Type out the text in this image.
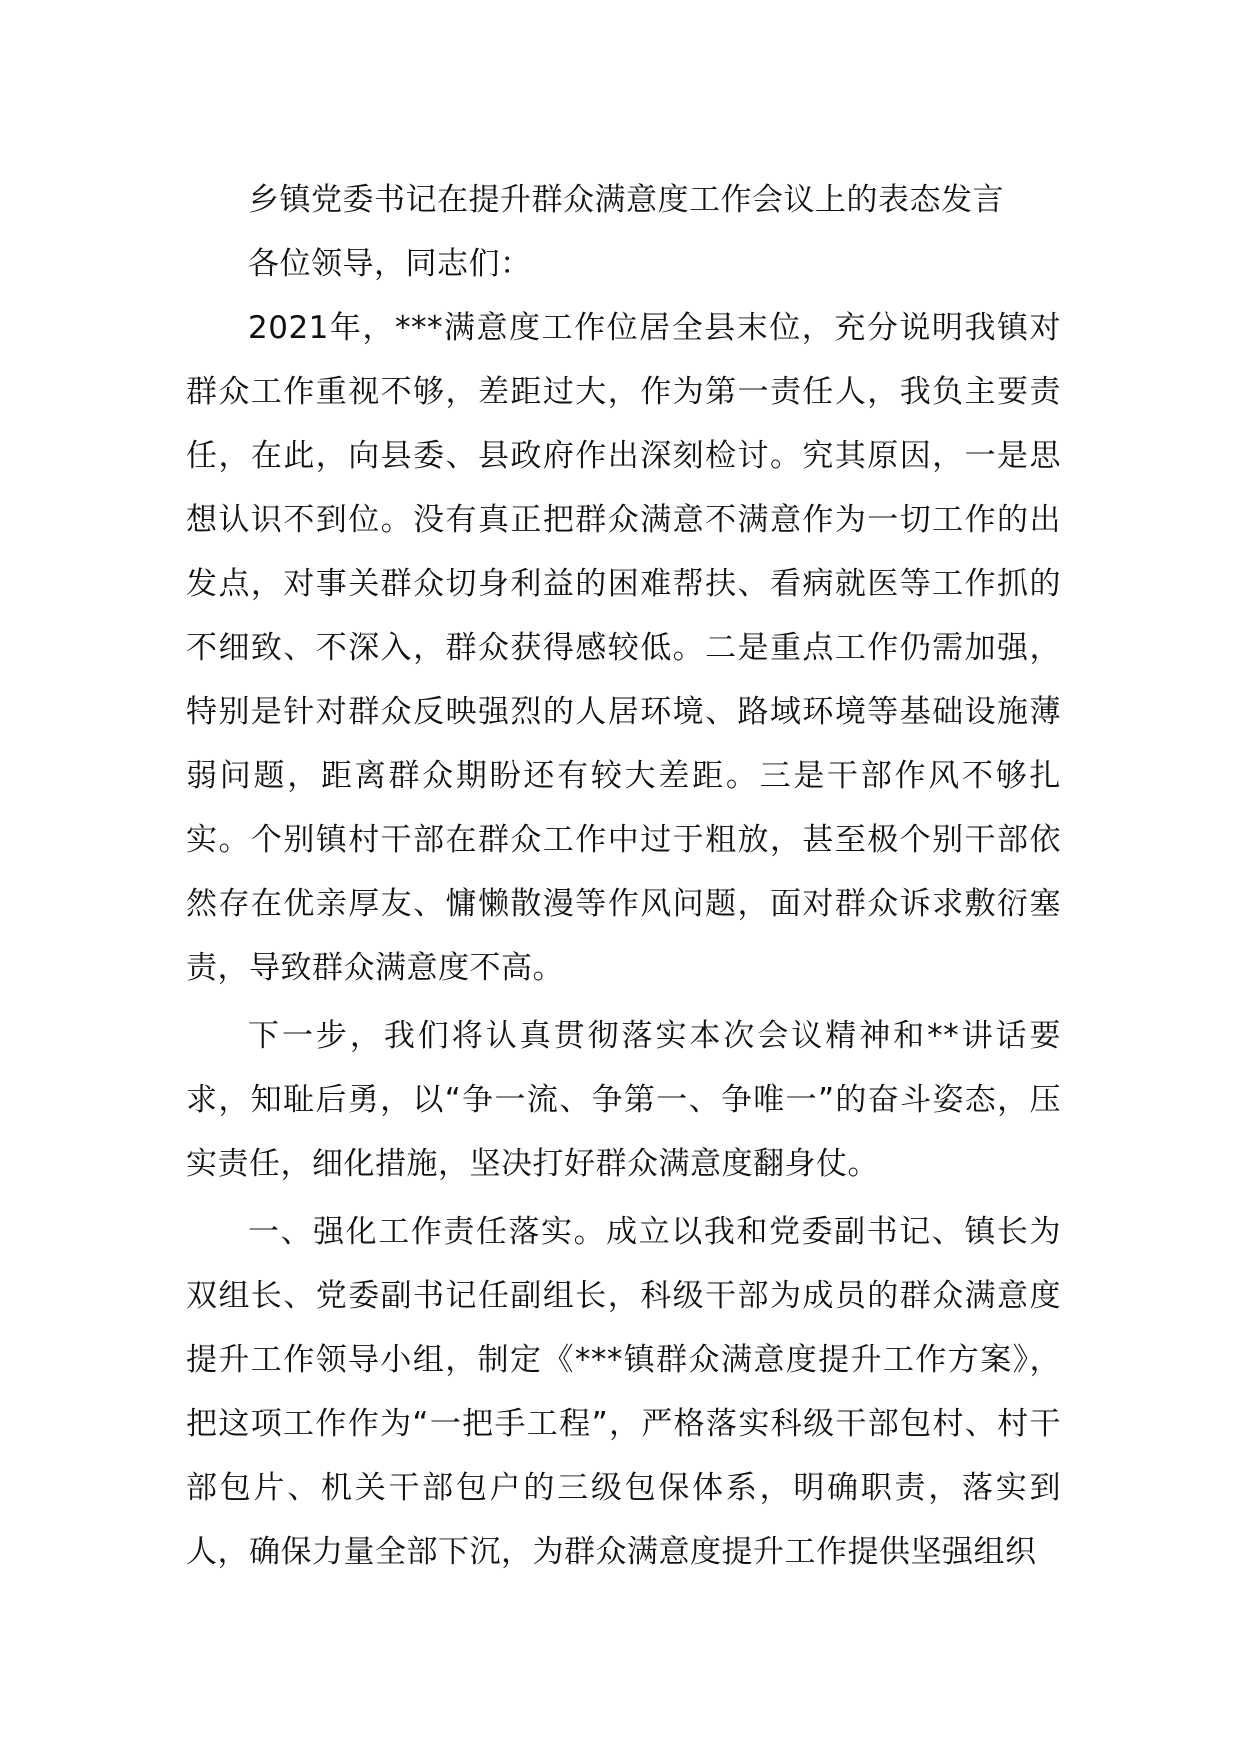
乡镇党委书记在提升群众满意度工作会议上的表态发言

各位领导，同志们：

2021年，***满意度工作位居全县末位，充分说明我镇对群众工作重视不够，差距过大，作为第一责任人，我负主要责任，在此，向县委、县政府作出深刻检讨。究其原因，一是思想认识不到位。没有真正把群众满意不满意作为一切工作的出发点，对事关群众切身利益的困难帮扶、看病就医等工作抓的不细致、不深入，群众获得感较低。二是重点工作仍需加强，特别是针对群众反映强烈的人居环境、路域环境等基础设施薄弱问题，距离群众期盼还有较大差距。三是干部作风不够扎实。个别镇村干部在群众工作中过于粗放，甚至极个别干部依然存在优亲厚友、慵懒散漫等作风问题，面对群众诉求敷衍塞责，导致群众满意度不高。

下一步，我们将认真贯彻落实本次会议精神和**讲话要求，知耻后勇，以“争一流、争第一、争唯一”的奋斗姿态，压实责任，细化措施，坚决打好群众满意度翻身仗。

一、强化工作责任落实。成立以我和党委副书记、镇长为双组长、党委副书记任副组长，科级干部为成员的群众满意度提升工作领导小组，制定《***镇群众满意度提升工作方案》，把这项工作作为“一把手工程”，严格落实科级干部包村、村干部包片、机关干部包户的三级包保体系，明确职责，落实到人，确保力量全部下沉，为群众满意度提升工作提供坚强组织
